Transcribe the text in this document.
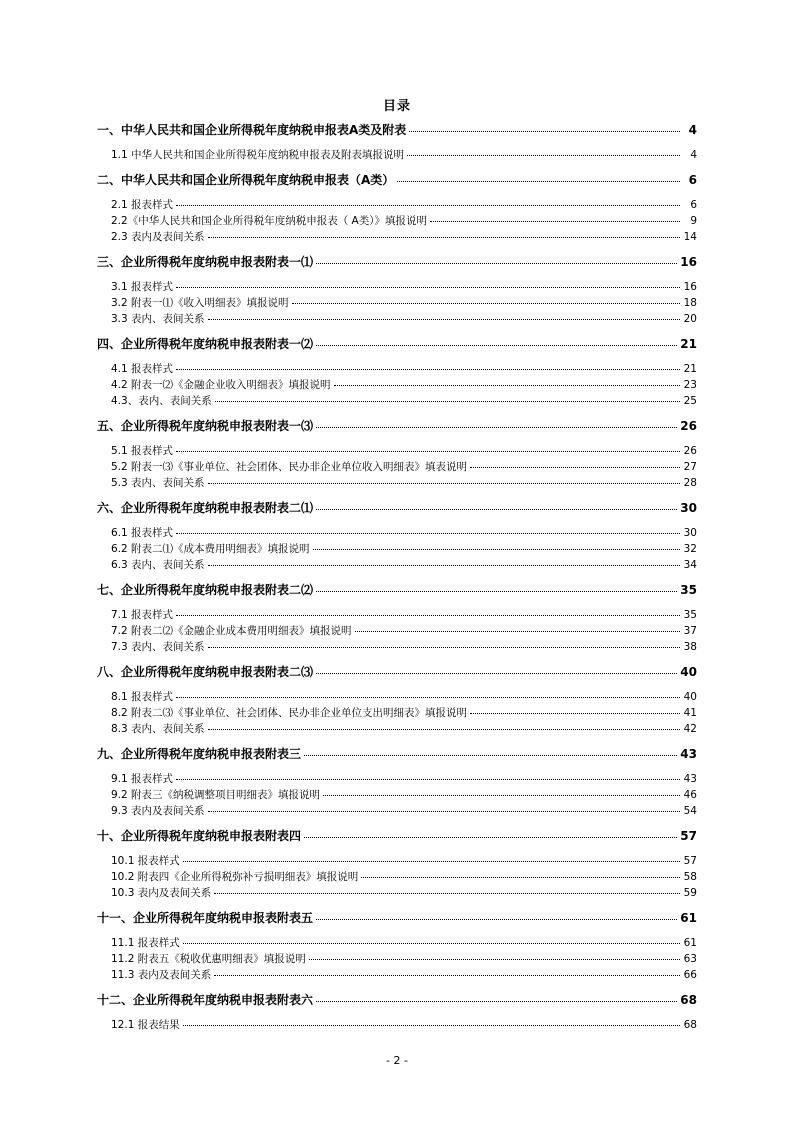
目录
一、中华人民共和国企业所得税年度纳税申报表A类及附表	4
1.1 中华人民共和国企业所得税年度纳税申报表及附表填报说明	4
二、中华人民共和国企业所得税年度纳税申报表（A类）	6
2.1 报表样式	6
2.2《中华人民共和国企业所得税年度纳税申报表（ A类）》填报说明	9
2.3 表内及表间关系	14
三、企业所得税年度纳税申报表附表一⑴	16
3.1 报表样式	16
3.2 附表一⑴《收入明细表》填报说明	18
3.3 表内、表间关系	20
四、企业所得税年度纳税申报表附表一⑵	21
4.1 报表样式	21
4.2 附表一⑵《金融企业收入明细表》填报说明	23
4.3、表内、表间关系	25
五、企业所得税年度纳税申报表附表一⑶	26
5.1 报表样式	26
5.2 附表一⑶《事业单位、社会团体、民办非企业单位收入明细表》填表说明	27
5.3 表内、表间关系	28
六、企业所得税年度纳税申报表附表二⑴	30
6.1 报表样式	30
6.2 附表二⑴《成本费用明细表》填报说明	32
6.3 表内、表间关系	34
七、企业所得税年度纳税申报表附表二⑵	35
7.1 报表样式	35
7.2 附表二⑵《金融企业成本费用明细表》填报说明	37
7.3 表内、表间关系	38
八、企业所得税年度纳税申报表附表二⑶	40
8.1 报表样式	40
8.2 附表二⑶《事业单位、社会团体、民办非企业单位支出明细表》填报说明	41
8.3 表内、表间关系	42
九、企业所得税年度纳税申报表附表三	43
9.1 报表样式	43
9.2 附表三《纳税调整项目明细表》填报说明	46
9.3 表内及表间关系	54
十、企业所得税年度纳税申报表附表四	57
10.1 报表样式	57
10.2 附表四《企业所得税弥补亏损明细表》填报说明	58
10.3 表内及表间关系	59
十一、企业所得税年度纳税申报表附表五	61
11.1 报表样式	61
11.2 附表五《税收优惠明细表》填报说明	63
11.3 表内及表间关系	66
十二、企业所得税年度纳税申报表附表六	68
12.1 报表结果	68
- 2 -
